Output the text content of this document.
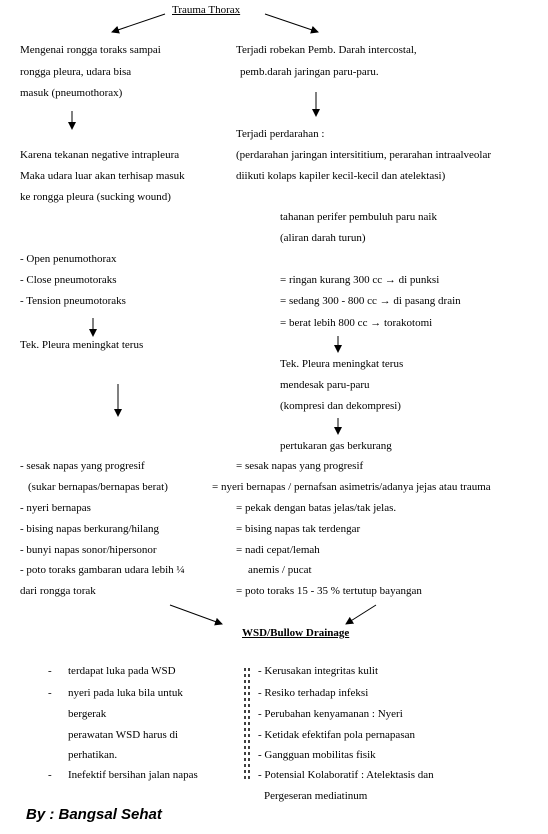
Trauma Thorax
Mengenai rongga toraks sampai
rongga pleura, udara bisa
masuk (pneumothorax)
Karena tekanan negative intrapleura
Maka udara luar akan terhisap masuk
ke rongga pleura (sucking wound)
- Open penumothorax
- Close pneumotoraks
- Tension pneumotoraks
Tek. Pleura meningkat terus
Terjadi robekan Pemb. Darah intercostal,
pemb.darah jaringan paru-paru.
Terjadi perdarahan :
(perdarahan jaringan intersititium, perarahan intraalveolar
diikuti kolaps kapiler kecil-kecil dan atelektasi)
tahanan perifer pembuluh paru naik
(aliran darah turun)
= ringan kurang 300 cc → di punksi
= sedang 300 - 800 cc → di pasang drain
= berat lebih 800 cc → torakotomi
Tek. Pleura meningkat terus
mendesak paru-paru
(kompresi dan dekompresi)
pertukaran gas berkurang
- sesak napas yang progresif
(sukar bernapas/bernapas berat)
- nyeri bernapas
- bising napas berkurang/hilang
- bunyi napas sonor/hipersonor
- poto toraks gambaran udara lebih ¼
dari rongga torak
= sesak napas yang progresif
= nyeri bernapas / pernafsan asimetris/adanya jejas atau trauma
= pekak dengan batas jelas/tak jelas.
= bising napas tak terdengar
= nadi cepat/lemah
anemis / pucat
= poto toraks 15 - 35 % tertutup bayangan
WSD/Bullow Drainage
- terdapat luka pada WSD
- nyeri pada luka bila untuk
bergerak
perawatan WSD harus di
perhatikan.
- Inefektif bersihan jalan napas
- Kerusakan integritas kulit
- Resiko terhadap infeksi
- Perubahan kenyamanan : Nyeri
- Ketidak efektifan pola pernapasan
- Gangguan mobilitas fisik
- Potensial Kolaboratif : Atelektasis dan
Pergeseran mediatinum
By : Bangsal Sehat
